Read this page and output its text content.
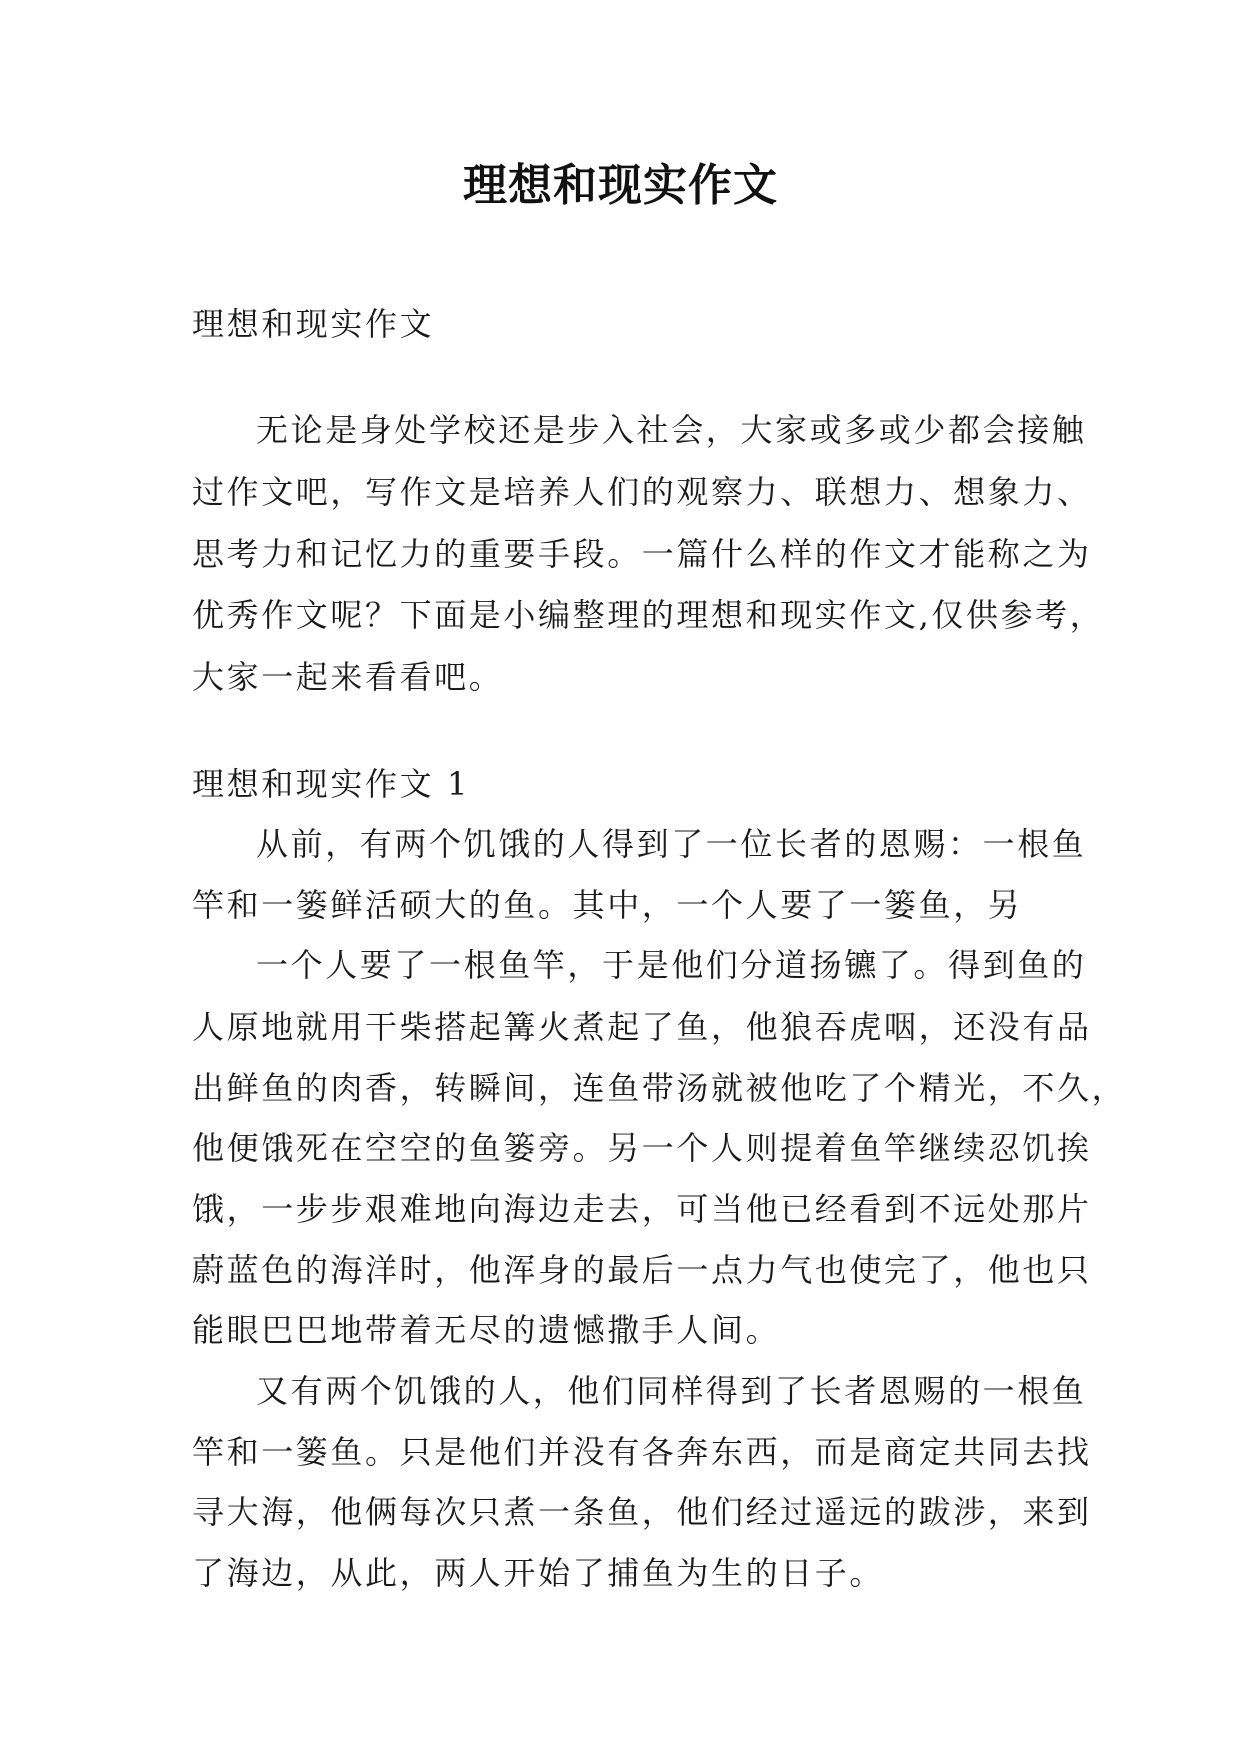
理想和现实作文
理想和现实作文
无论是身处学校还是步入社会，大家或多或少都会接触
过作文吧，写作文是培养人们的观察力、联想力、想象力、
思考力和记忆力的重要手段。一篇什么样的作文才能称之为
优秀作文呢？下面是小编整理的理想和现实作文,仅供参考，
大家一起来看看吧。
理想和现实作文 1
从前，有两个饥饿的人得到了一位长者的恩赐：一根鱼
竿和一篓鲜活硕大的鱼。其中，一个人要了一篓鱼，另
一个人要了一根鱼竿，于是他们分道扬镳了。得到鱼的
人原地就用干柴搭起篝火煮起了鱼，他狼吞虎咽，还没有品
出鲜鱼的肉香，转瞬间，连鱼带汤就被他吃了个精光，不久，
他便饿死在空空的鱼篓旁。另一个人则提着鱼竿继续忍饥挨
饿，一步步艰难地向海边走去，可当他已经看到不远处那片
蔚蓝色的海洋时，他浑身的最后一点力气也使完了，他也只
能眼巴巴地带着无尽的遗憾撒手人间。
又有两个饥饿的人，他们同样得到了长者恩赐的一根鱼
竿和一篓鱼。只是他们并没有各奔东西，而是商定共同去找
寻大海，他俩每次只煮一条鱼，他们经过遥远的跋涉，来到
了海边，从此，两人开始了捕鱼为生的日子。
